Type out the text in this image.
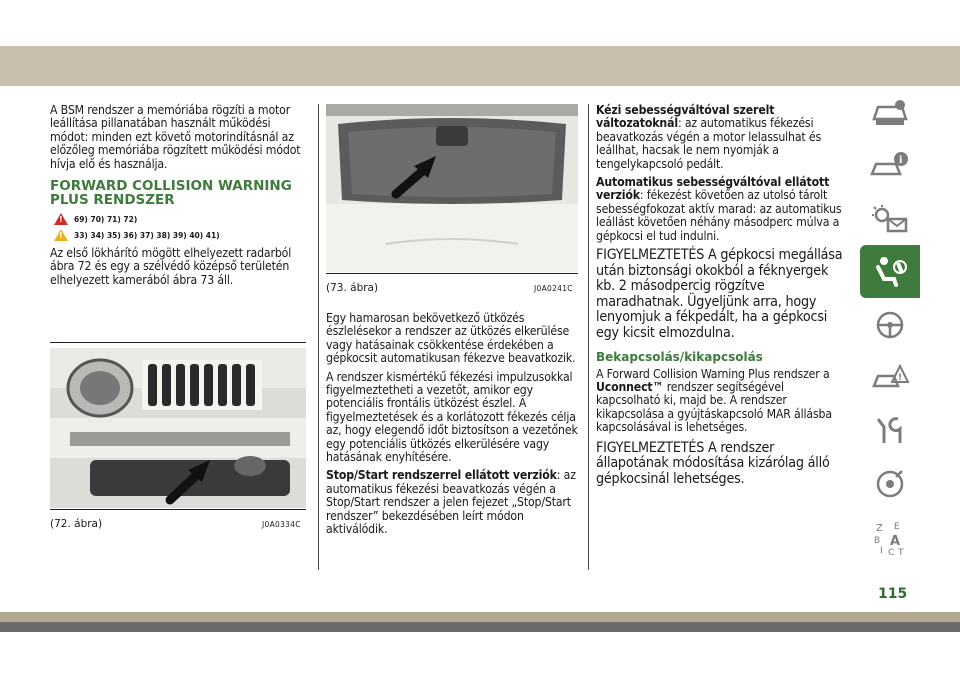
A BSM rendszer a memóriába rögzíti a motor leállítása pillanatában használt működési módot: minden ezt követő motorindításnál az előzőleg memóriába rögzített működési módot hívja elő és használja.

FORWARD COLLISION WARNING
PLUS RENDSZER
! 69) 70) 71) 72)
! 33) 34) 35) 36) 37) 38) 39) 40) 41)

Az első lökhárító mögött elhelyezett radarból ábra 72 és egy a szélvédő középső területén elhelyezett kamerából ábra 73 áll.

(72. ábra)	J0A0334C
(73. ábra)	J0A0241C

Egy hamarosan bekövetkező ütközés észlelésekor a rendszer az ütközés elkerülése vagy hatásainak csökkentése érdekében a gépkocsit automatikusan fékezve beavatkozik.

A rendszer kismértékű fékezési impulzusokkal figyelmeztetheti a vezetőt, amikor egy potenciális frontális ütközést észlel. A figyelmeztetések és a korlátozott fékezés célja az, hogy elegendő időt biztosítson a vezetőnek egy potenciális ütközés elkerülésére vagy hatásának enyhítésére.

Stop/Start rendszerrel ellátott verziók: az automatikus fékezési beavatkozás végén a Stop/Start rendszer a jelen fejezet „Stop/Start rendszer” bekezdésében leírt módon aktiválódik.

Kézi sebességváltóval szerelt változatoknál: az automatikus fékezési beavatkozás végén a motor lelassulhat és leállhat, hacsak le nem nyomják a tengelykapcsoló pedált.

Automatikus sebességváltóval ellátott verziók: fékezést követően az utolsó tárolt sebességfokozat aktív marad: az automatikus leállást követően néhány másodperc múlva a gépkocsi el tud indulni.

FIGYELMEZTETÉS A gépkocsi megállása után biztonsági okokból a féknyergek kb. 2 másodpercig rögzítve maradhatnak. Ügyeljünk arra, hogy lenyomjuk a fékpedált, ha a gépkocsi egy kicsit elmozdulna.

Bekapcsolás/kikapcsolás

A Forward Collision Warning Plus rendszer a Uconnect™ rendszer segítségével kapcsolható ki, majd be. A rendszer kikapcsolása a gyújtáskapcsoló MAR állásba kapcsolásával is lehetséges.

FIGYELMEZTETÉS A rendszer állapotának módosítása kizárólag álló gépkocsinál lehetséges.

i
!
Z E
B A
I C T
115
